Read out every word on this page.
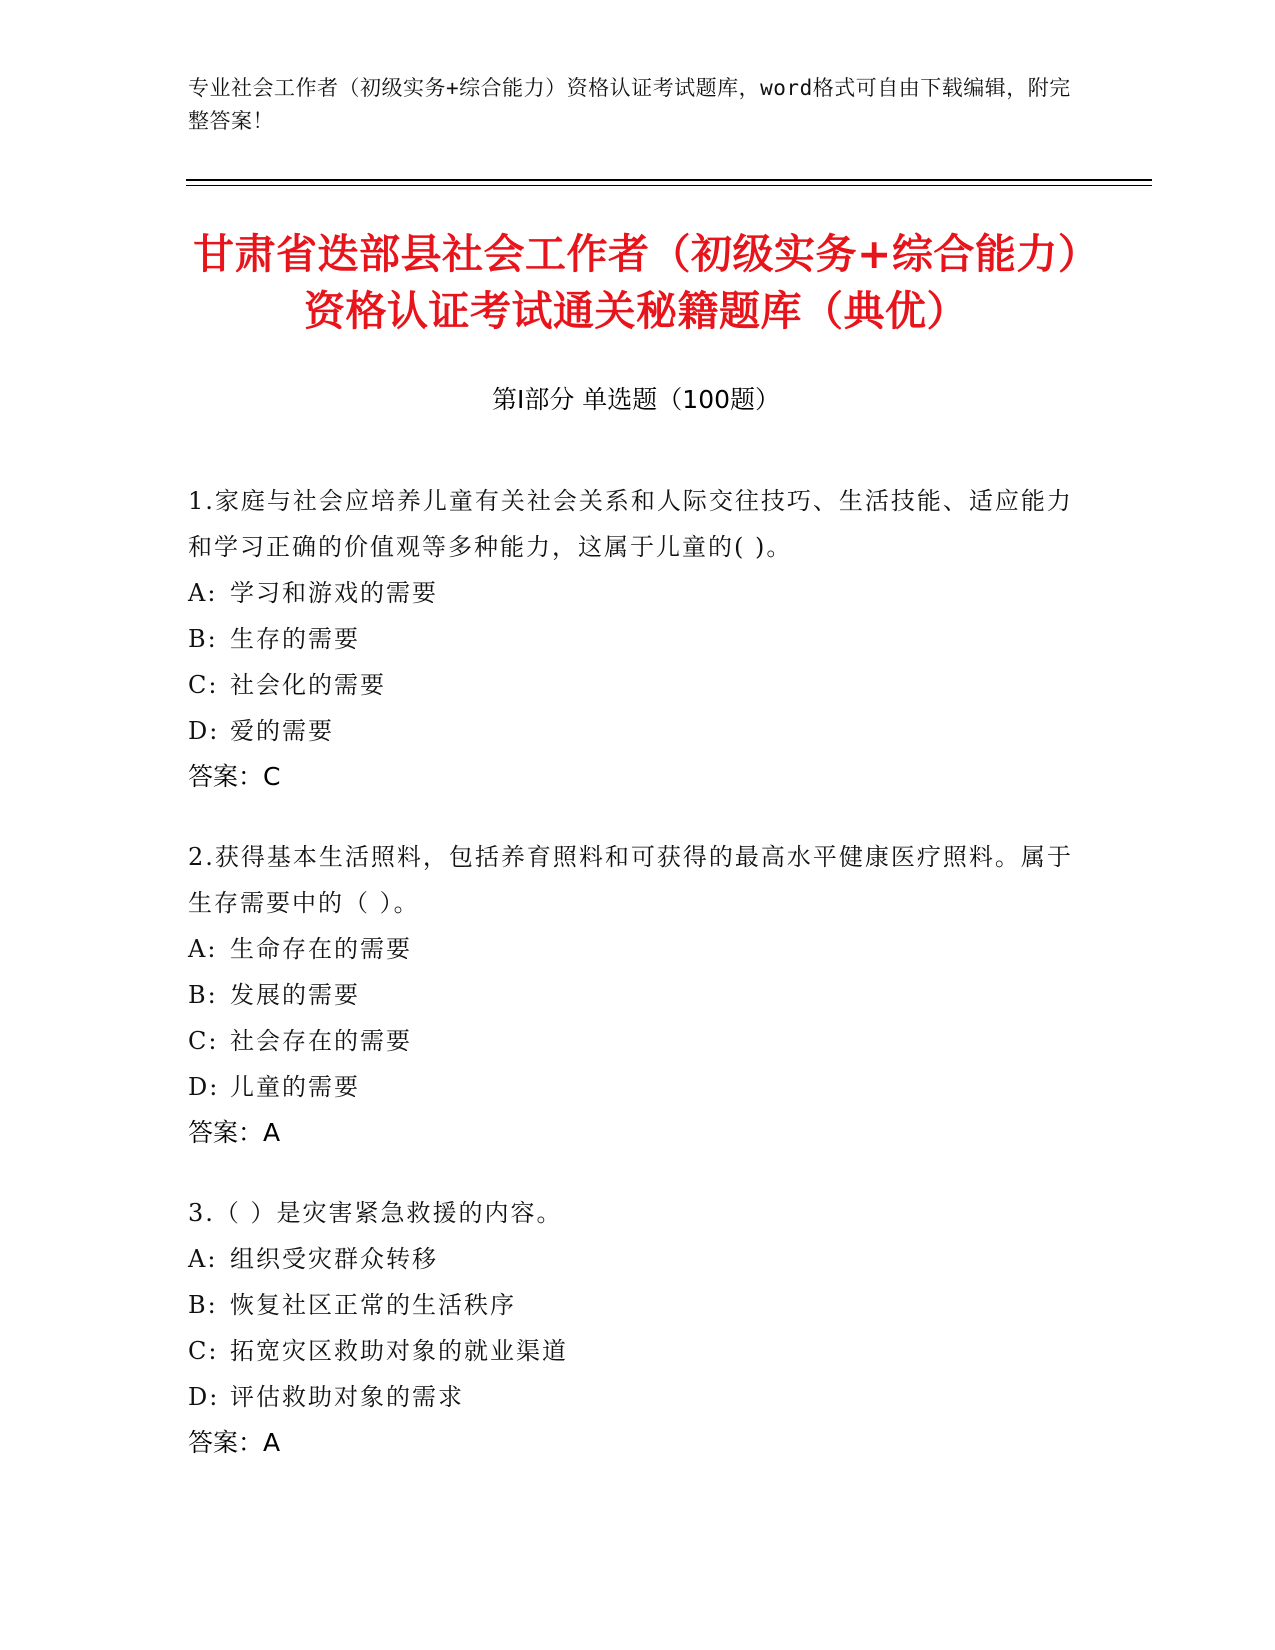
专业社会工作者（初级实务+综合能力）资格认证考试题库，word格式可自由下载编辑，附完整答案！
甘肃省迭部县社会工作者（初级实务+综合能力）资格认证考试通关秘籍题库（典优）
第Ⅰ部分 单选题（100题）
1.家庭与社会应培养儿童有关社会关系和人际交往技巧、生活技能、适应能力和学习正确的价值观等多种能力，这属于儿童的( )。
A: 学习和游戏的需要
B: 生存的需要
C: 社会化的需要
D: 爱的需要
答案：C
2.获得基本生活照料，包括养育照料和可获得的最高水平健康医疗照料。属于生存需要中的（ ）。
A: 生命存在的需要
B: 发展的需要
C: 社会存在的需要
D: 儿童的需要
答案：A
3.（ ）是灾害紧急救援的内容。
A: 组织受灾群众转移
B: 恢复社区正常的生活秩序
C: 拓宽灾区救助对象的就业渠道
D: 评估救助对象的需求
答案：A
